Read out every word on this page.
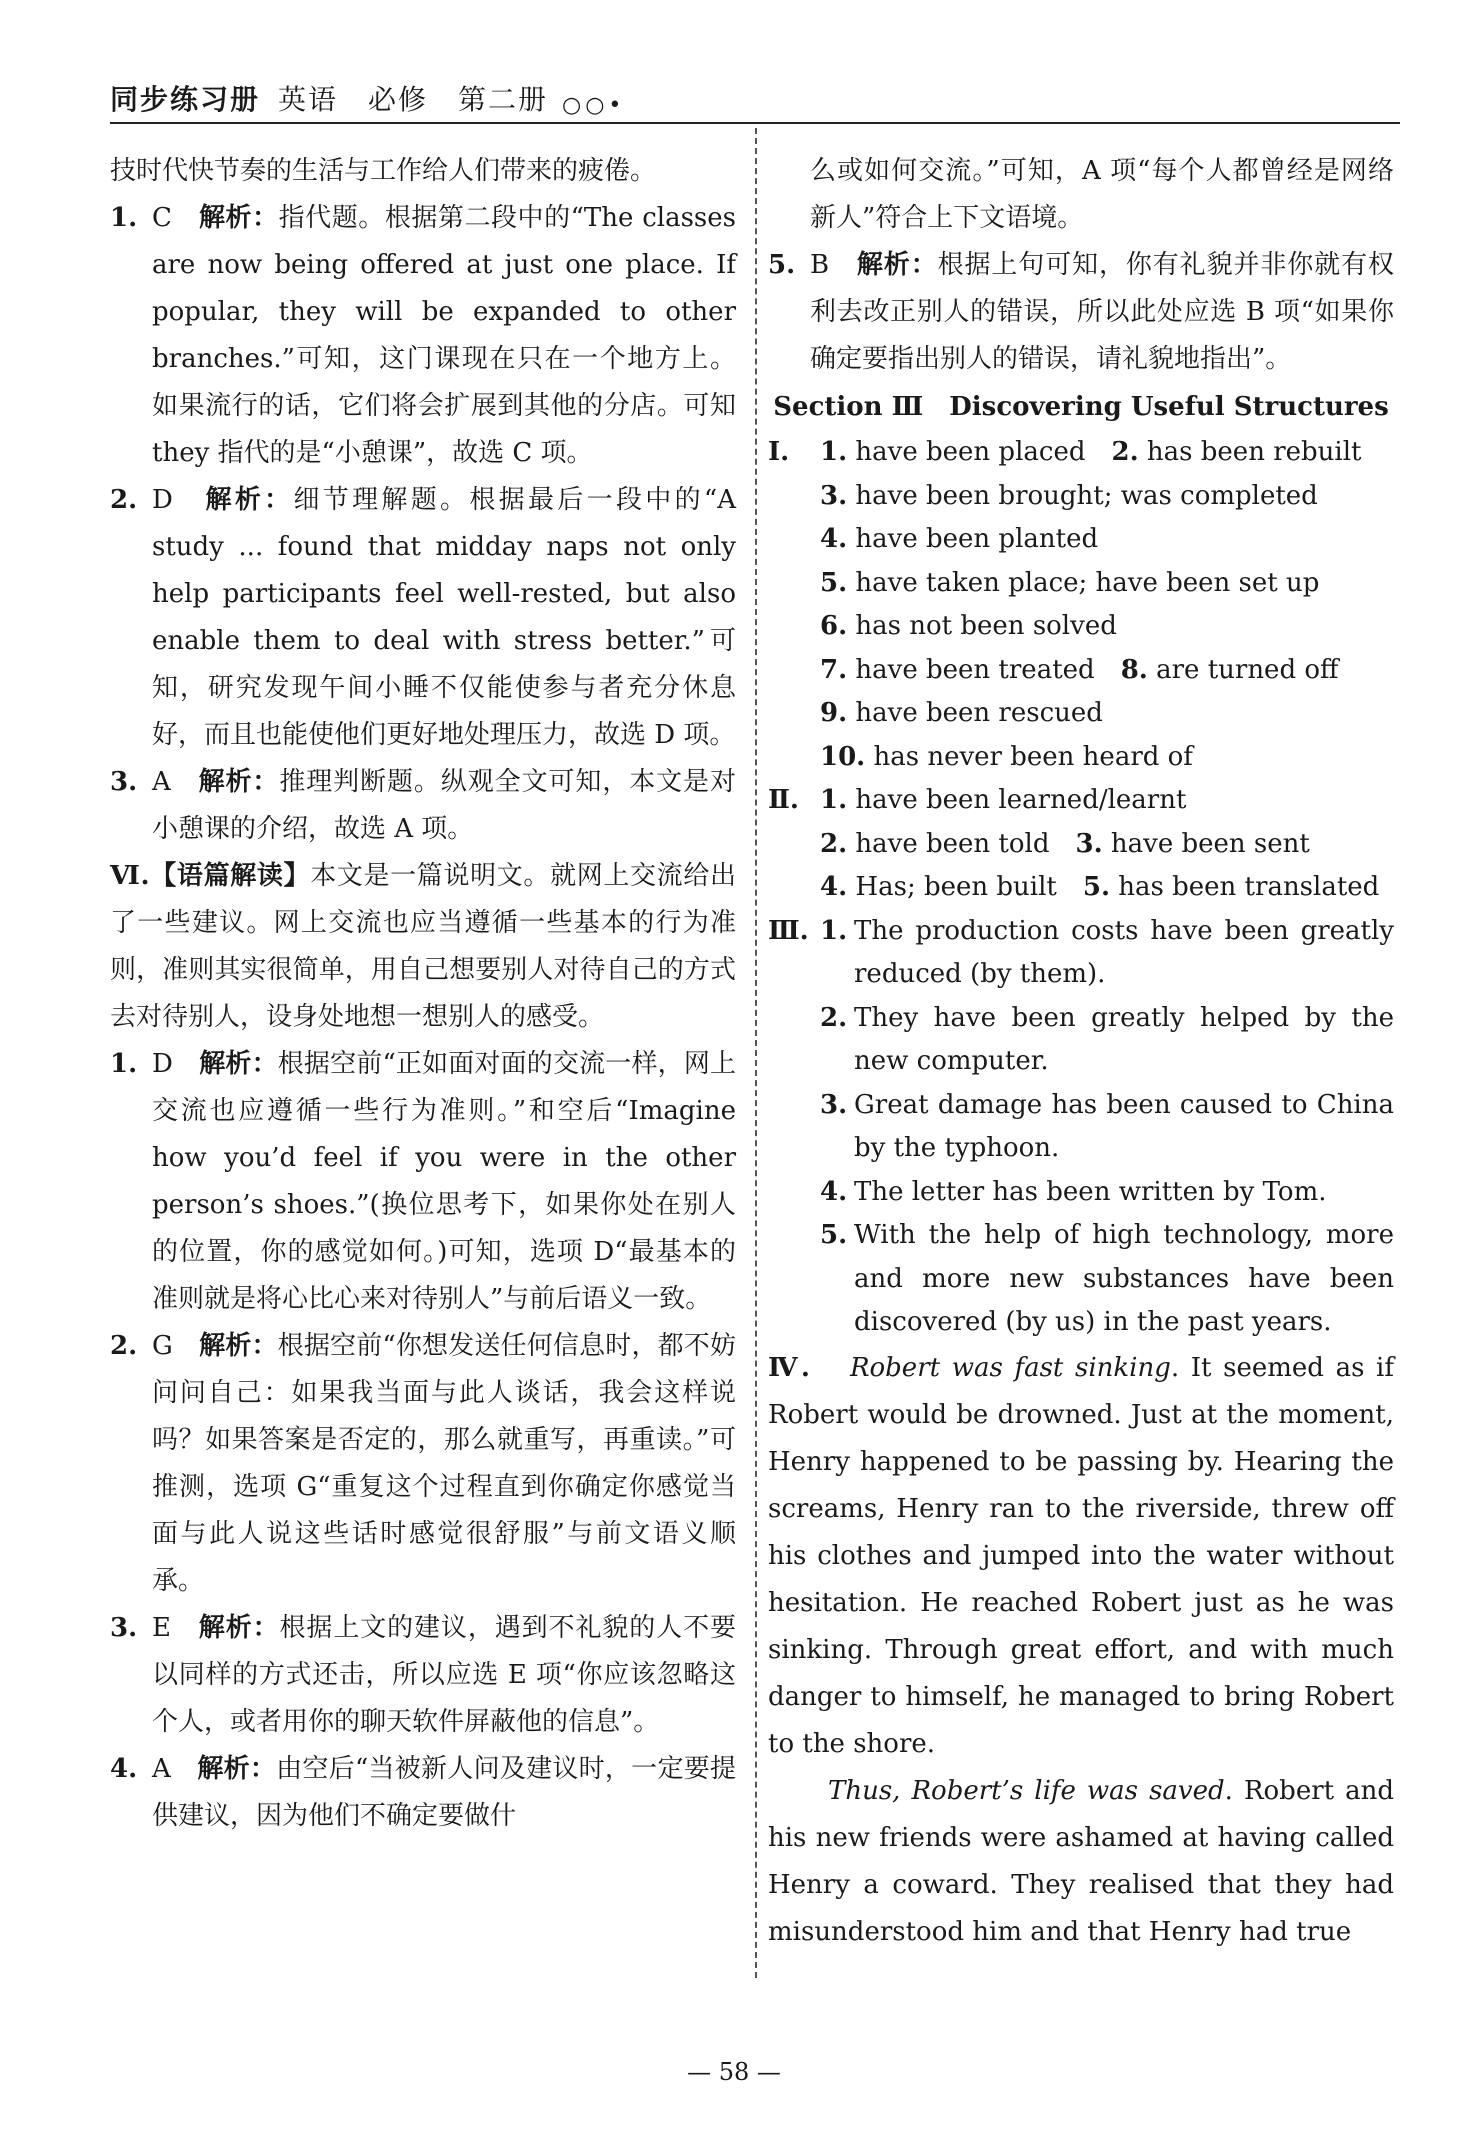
同步练习册 英语　必修　第二册 ○○•

技时代快节奏的生活与工作给人们带来的疲倦。

1. C　 解析：指代题。根据第二段中的“The classes are now being offered at just one place. If popular, they will be expanded to other branches.”可知，这门课现在只在一个地方上。如果流行的话，它们将会扩展到其他的分店。可知 they 指代的是“小憩课”，故选 C 项。
2. D　 解析：细节理解题。根据最后一段中的“A study ... found that midday naps not only help participants feel well-rested, but also enable them to deal with stress better.”可知，研究发现午间小睡不仅能使参与者充分休息好，而且也能使他们更好地处理压力，故选 D 项。
3. A　 解析：推理判断题。纵观全文可知，本文是对小憩课的介绍，故选 A 项。

Ⅵ.【语篇解读】本文是一篇说明文。就网上交流给出了一些建议。网上交流也应当遵循一些基本的行为准则，准则其实很简单，用自己想要别人对待自己的方式去对待别人，设身处地想一想别人的感受。

1. D　 解析：根据空前“正如面对面的交流一样，网上交流也应遵循一些行为准则。”和空后“Imagine how you’d feel if you were in the other person’s shoes.”(换位思考下，如果你处在别人的位置，你的感觉如何。)可知，选项 D“最基本的准则就是将心比心来对待别人”与前后语义一致。
2. G　 解析：根据空前“你想发送任何信息时，都不妨问问自己：如果我当面与此人谈话，我会这样说吗？如果答案是否定的，那么就重写，再重读。”可推测，选项 G“重复这个过程直到你确定你感觉当面与此人说这些话时感觉很舒服”与前文语义顺承。
3. E　 解析：根据上文的建议，遇到不礼貌的人不要以同样的方式还击，所以应选 E 项“你应该忽略这个人，或者用你的聊天软件屏蔽他的信息”。
4. A　 解析：由空后“当被新人问及建议时，一定要提供建议，因为他们不确定要做什

么或如何交流。”可知，A 项“每个人都曾经是网络新人”符合上下文语境。

5. B　 解析：根据上句可知，你有礼貌并非你就有权利去改正别人的错误，所以此处应选 B 项“如果你确定要指出别人的错误，请礼貌地指出”。

Section Ⅲ　Discovering Useful Structures

Ⅰ.	1. have been placed 2. has been rebuilt
3. have been brought; was completed
4. have been planted
5. have taken place; have been set up
6. has not been solved
7. have been treated 8. are turned off
9. have been rescued
10. has never been heard of
Ⅱ. 1. have been learned/learnt
2. have been told 3. have been sent
4. Has; been built 5. has been translated
Ⅲ. 1. The production costs have been greatly reduced (by them).
2. They have been greatly helped by the new computer.
3. Great damage has been caused to China by the typhoon.
4. The letter has been written by Tom.
5. With the help of high technology, more and more new substances have been discovered (by us) in the past years.

Ⅳ. Robert was fast sinking. It seemed as if Robert would be drowned. Just at the moment, Henry happened to be passing by. Hearing the screams, Henry ran to the riverside, threw off his clothes and jumped into the water without hesitation. He reached Robert just as he was sinking. Through great effort, and with much danger to himself, he managed to bring Robert to the shore.

Thus, Robert’s life was saved. Robert and his new friends were ashamed at having called Henry a coward. They realised that they had misunderstood him and that Henry had true

— 58 —
